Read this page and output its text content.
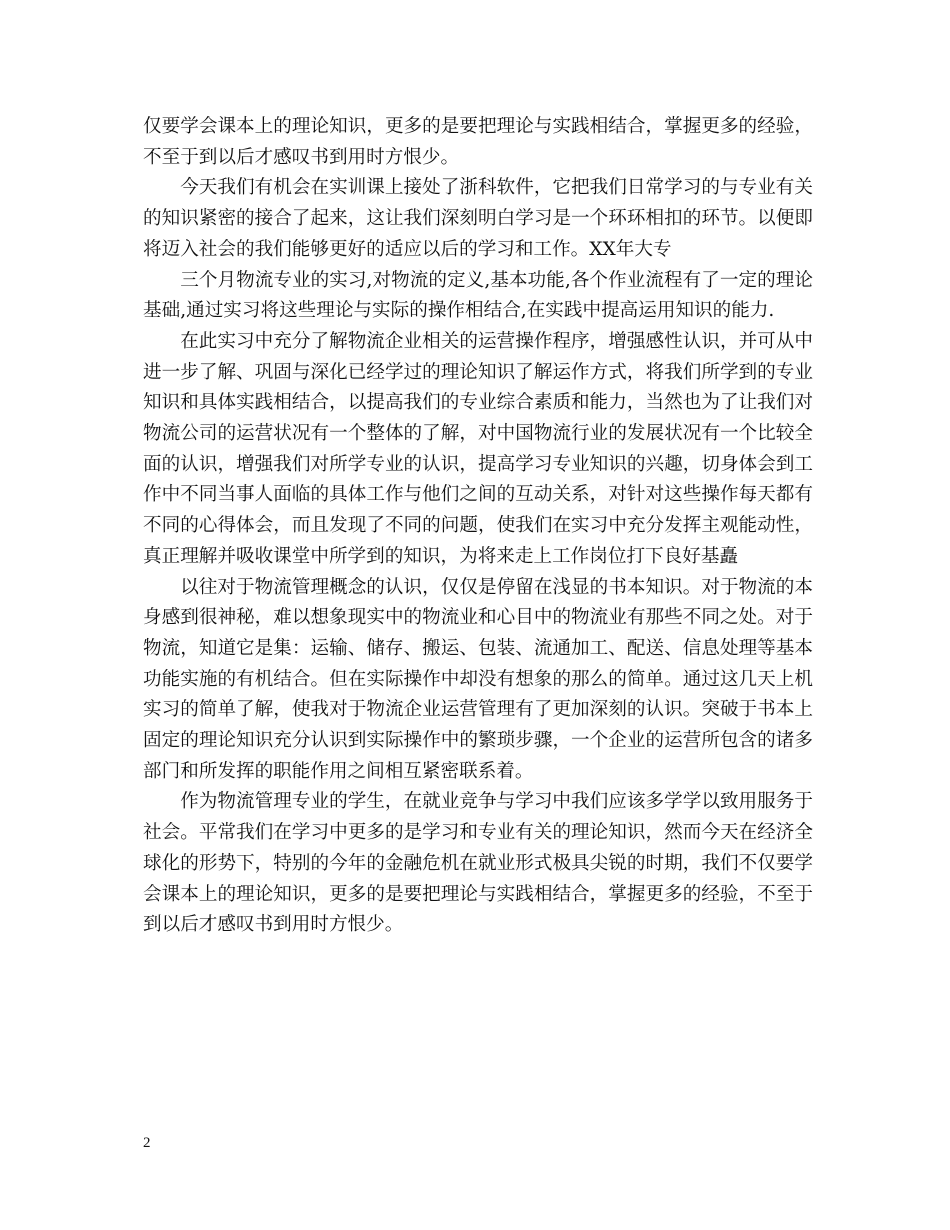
仅要学会课本上的理论知识，更多的是要把理论与实践相结合，掌握更多的经验，不至于到以后才感叹书到用时方恨少。

今天我们有机会在实训课上接处了浙科软件，它把我们日常学习的与专业有关的知识紧密的接合了起来，这让我们深刻明白学习是一个环环相扣的环节。以便即将迈入社会的我们能够更好的适应以后的学习和工作。XX年大专

三个月物流专业的实习,对物流的定义,基本功能,各个作业流程有了一定的理论基础,通过实习将这些理论与实际的操作相结合,在实践中提高运用知识的能力.

在此实习中充分了解物流企业相关的运营操作程序，增强感性认识，并可从中进一步了解、巩固与深化已经学过的理论知识了解运作方式，将我们所学到的专业知识和具体实践相结合，以提高我们的专业综合素质和能力，当然也为了让我们对物流公司的运营状况有一个整体的了解，对中国物流行业的发展状况有一个比较全面的认识，增强我们对所学专业的认识，提高学习专业知识的兴趣，切身体会到工作中不同当事人面临的具体工作与他们之间的互动关系，对针对这些操作每天都有不同的心得体会，而且发现了不同的问题，使我们在实习中充分发挥主观能动性，真正理解并吸收课堂中所学到的知识，为将来走上工作岗位打下良好基矗

以往对于物流管理概念的认识，仅仅是停留在浅显的书本知识。对于物流的本身感到很神秘，难以想象现实中的物流业和心目中的物流业有那些不同之处。对于物流，知道它是集：运输、储存、搬运、包装、流通加工、配送、信息处理等基本功能实施的有机结合。但在实际操作中却没有想象的那么的简单。通过这几天上机实习的简单了解，使我对于物流企业运营管理有了更加深刻的认识。突破于书本上固定的理论知识充分认识到实际操作中的繁琐步骤，一个企业的运营所包含的诸多部门和所发挥的职能作用之间相互紧密联系着。

作为物流管理专业的学生，在就业竞争与学习中我们应该多学学以致用服务于社会。平常我们在学习中更多的是学习和专业有关的理论知识，然而今天在经济全球化的形势下，特别的今年的金融危机在就业形式极具尖锐的时期，我们不仅要学会课本上的理论知识，更多的是要把理论与实践相结合，掌握更多的经验，不至于到以后才感叹书到用时方恨少。

2
